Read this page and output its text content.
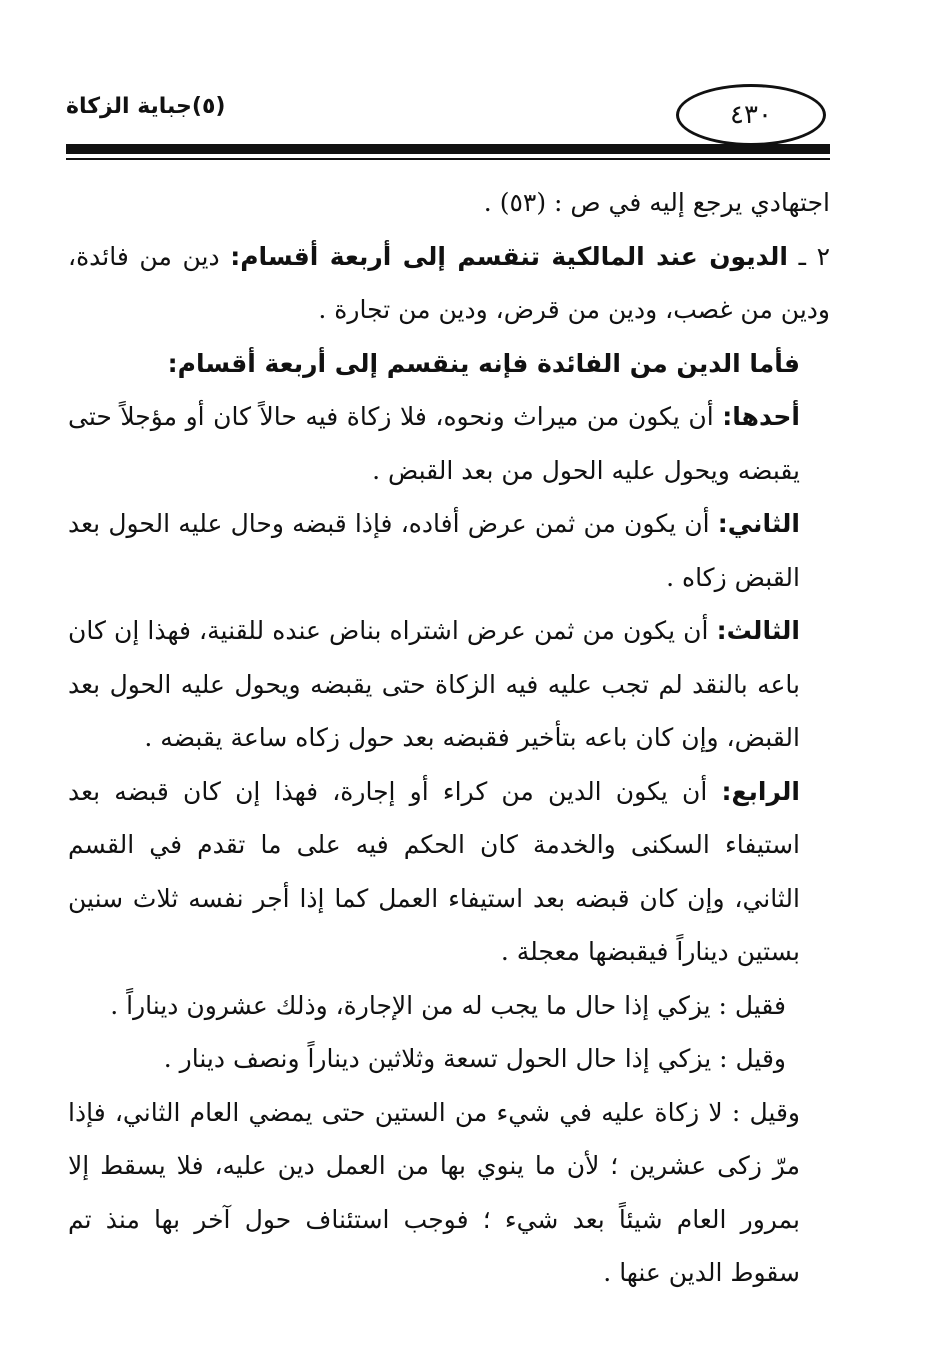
(٥)جباية الزكاة	٤٣٠

اجتهادي يرجع إليه في ص : (٥٣) .

٢ ـ الديون عند المالكية تنقسم إلى أربعة أقسام: دين من فائدة، ودين من غصب، ودين من قرض، ودين من تجارة .

فأما الدين من الفائدة فإنه ينقسم إلى أربعة أقسام:

أحدها: أن يكون من ميراث ونحوه، فلا زكاة فيه حالاً كان أو مؤجلاً حتى يقبضه ويحول عليه الحول من بعد القبض .

الثاني: أن يكون من ثمن عرض أفاده، فإذا قبضه وحال عليه الحول بعد القبض زكاه .

الثالث: أن يكون من ثمن عرض اشتراه بناض عنده للقنية، فهذا إن كان باعه بالنقد لم تجب عليه فيه الزكاة حتى يقبضه ويحول عليه الحول بعد القبض، وإن كان باعه بتأخير فقبضه بعد حول زكاه ساعة يقبضه .

الرابع: أن يكون الدين من كراء أو إجارة، فهذا إن كان قبضه بعد استيفاء السكنى والخدمة كان الحكم فيه على ما تقدم في القسم الثاني، وإن كان قبضه بعد استيفاء العمل كما إذا أجر نفسه ثلاث سنين بستين ديناراً فيقبضها معجلة .

فقيل : يزكي إذا حال ما يجب له من الإجارة، وذلك عشرون ديناراً .

وقيل : يزكي إذا حال الحول تسعة وثلاثين ديناراً ونصف دينار .

وقيل : لا زكاة عليه في شيء من الستين حتى يمضي العام الثاني، فإذا مرّ زكى عشرين ؛ لأن ما ينوي بها من العمل دين عليه، فلا يسقط إلا بمرور العام شيئاً بعد شيء ؛ فوجب استئناف حول آخر بها منذ تم سقوط الدين عنها .
